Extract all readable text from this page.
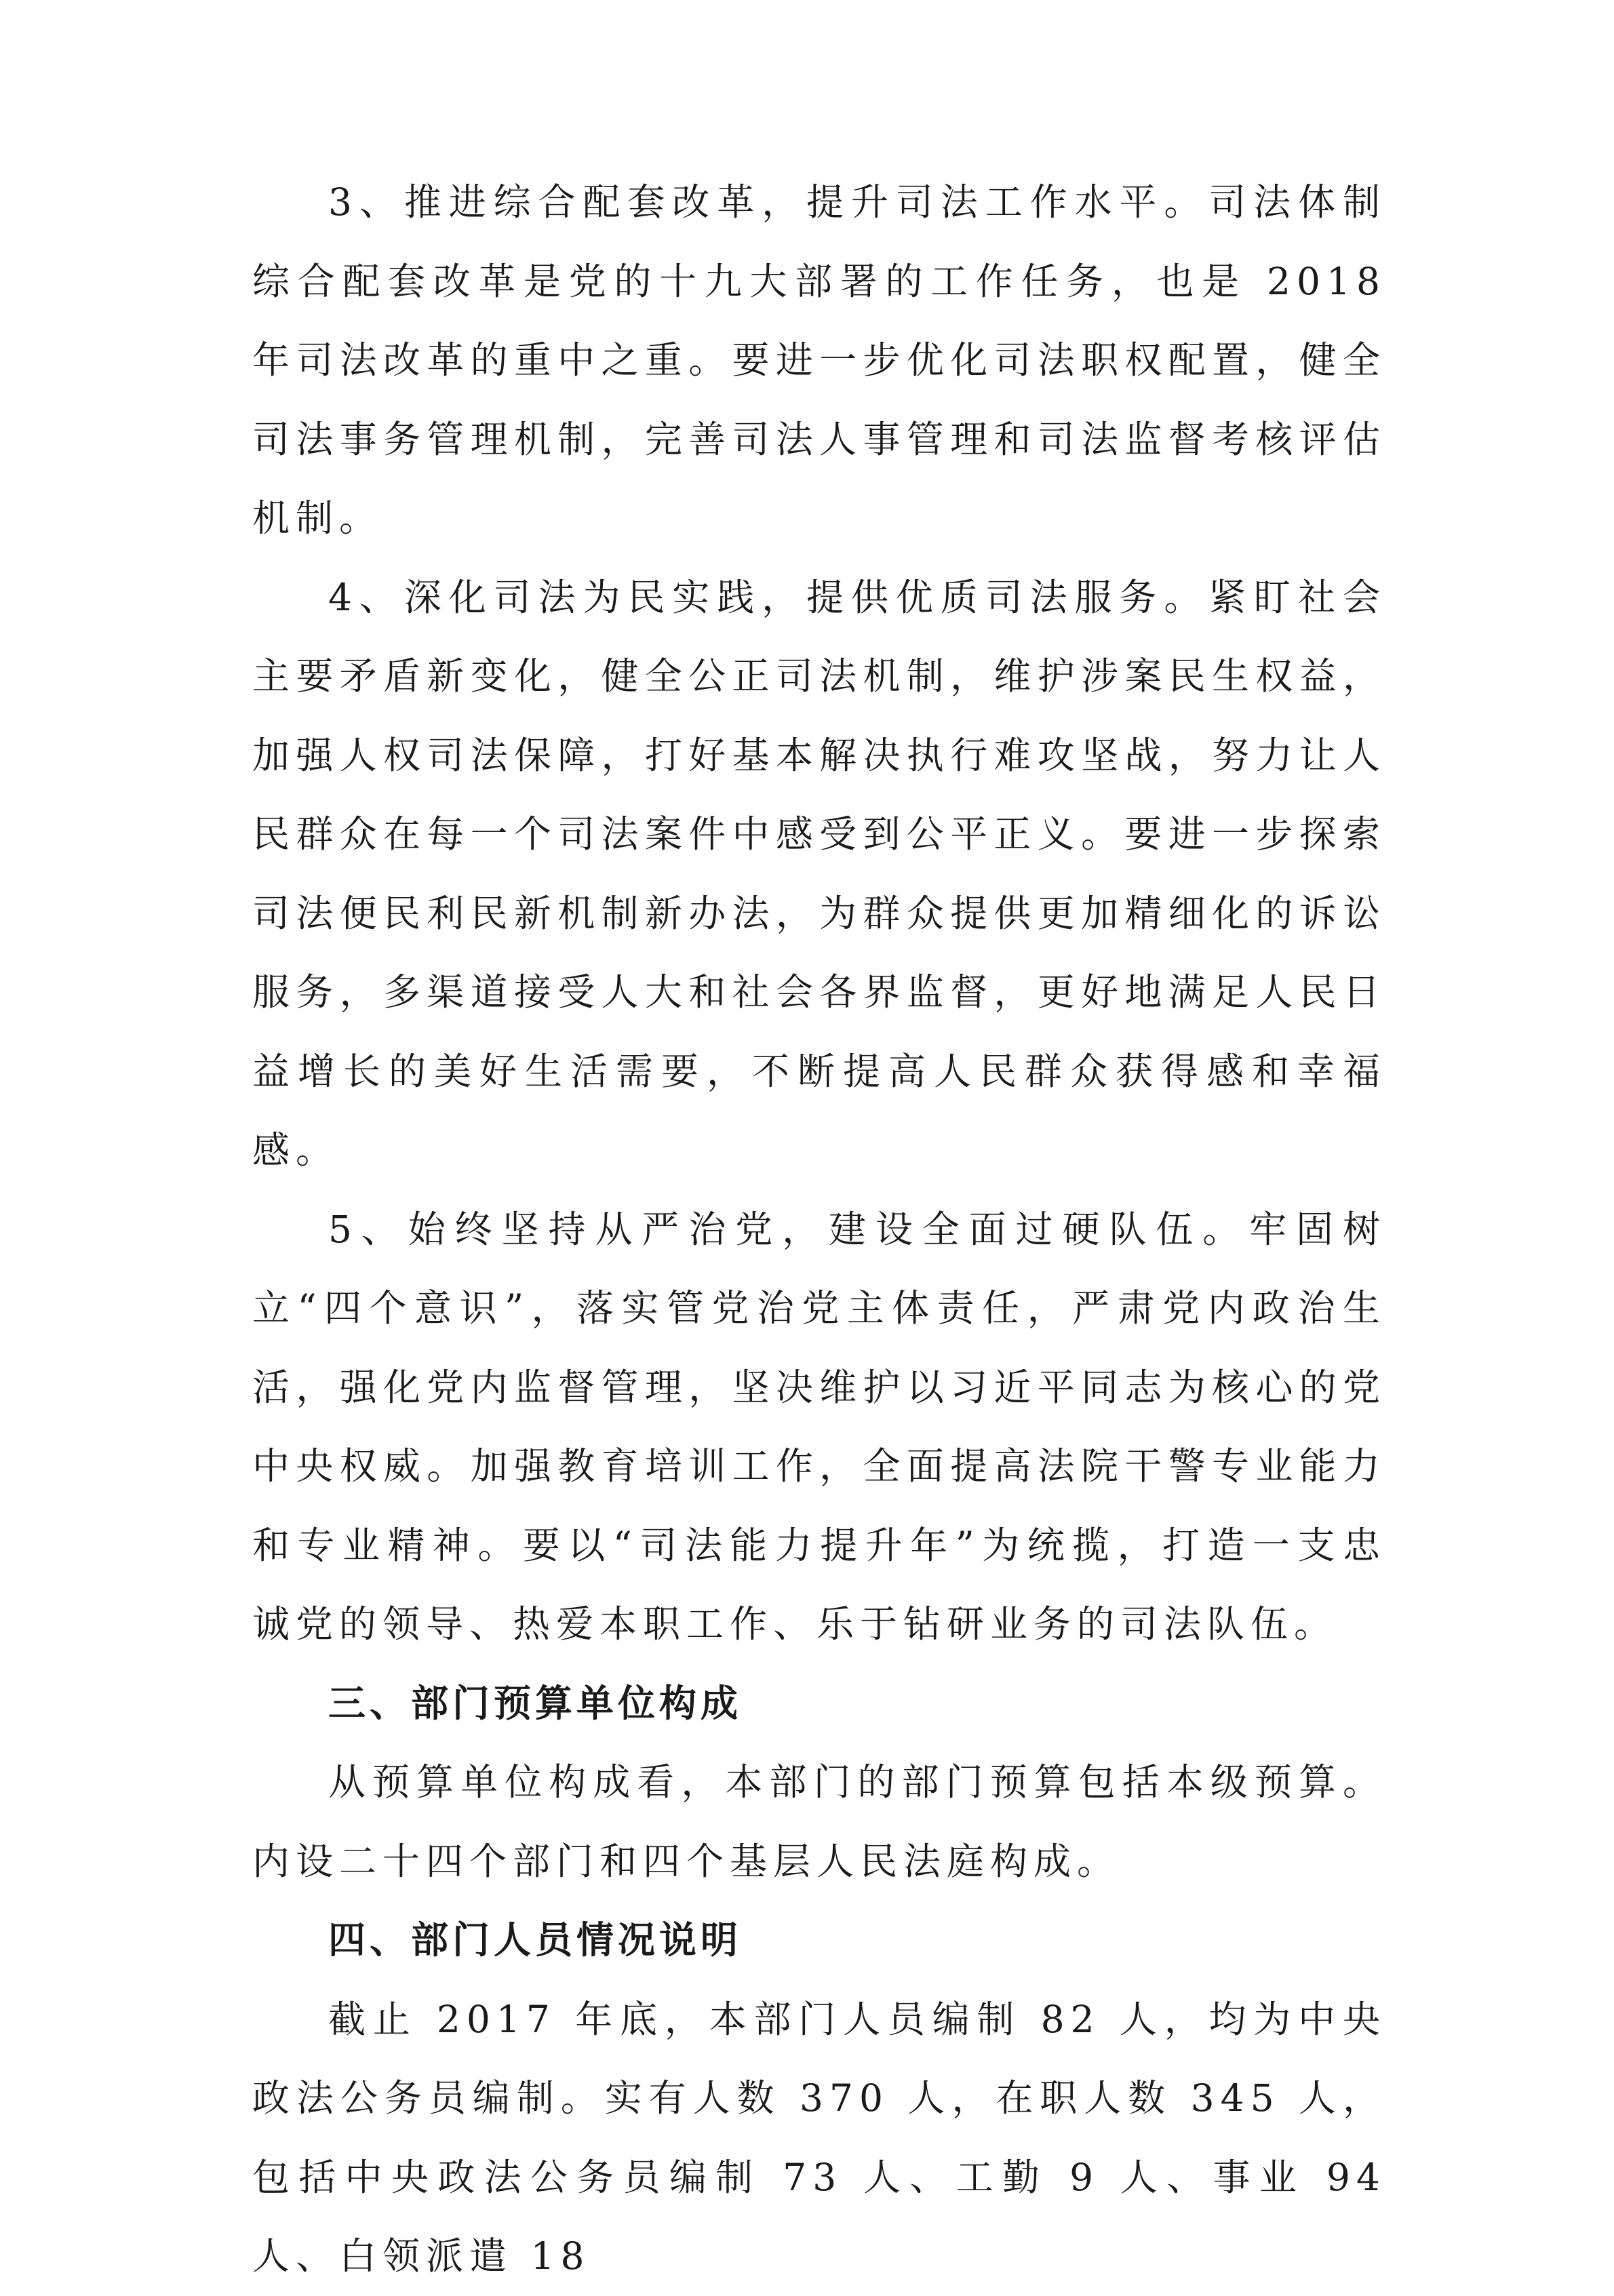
3、推进综合配套改革，提升司法工作水平。司法体制综合配套改革是党的十九大部署的工作任务，也是 2018 年司法改革的重中之重。要进一步优化司法职权配置，健全司法事务管理机制，完善司法人事管理和司法监督考核评估机制。

4、深化司法为民实践，提供优质司法服务。紧盯社会主要矛盾新变化，健全公正司法机制，维护涉案民生权益，加强人权司法保障，打好基本解决执行难攻坚战，努力让人民群众在每一个司法案件中感受到公平正义。要进一步探索司法便民利民新机制新办法，为群众提供更加精细化的诉讼服务，多渠道接受人大和社会各界监督，更好地满足人民日益增长的美好生活需要，不断提高人民群众获得感和幸福感。

5、始终坚持从严治党，建设全面过硬队伍。牢固树立“四个意识”，落实管党治党主体责任，严肃党内政治生活，强化党内监督管理，坚决维护以习近平同志为核心的党中央权威。加强教育培训工作，全面提高法院干警专业能力和专业精神。要以“司法能力提升年”为统揽，打造一支忠诚党的领导、热爱本职工作、乐于钻研业务的司法队伍。

三、部门预算单位构成

从预算单位构成看，本部门的部门预算包括本级预算。内设二十四个部门和四个基层人民法庭构成。

四、部门人员情况说明

截止 2017 年底，本部门人员编制 82 人，均为中央政法公务员编制。实有人数 370 人，在职人数 345 人，包括中央政法公务员编制 73 人、工勤 9 人、事业 94 人、白领派遣 18
